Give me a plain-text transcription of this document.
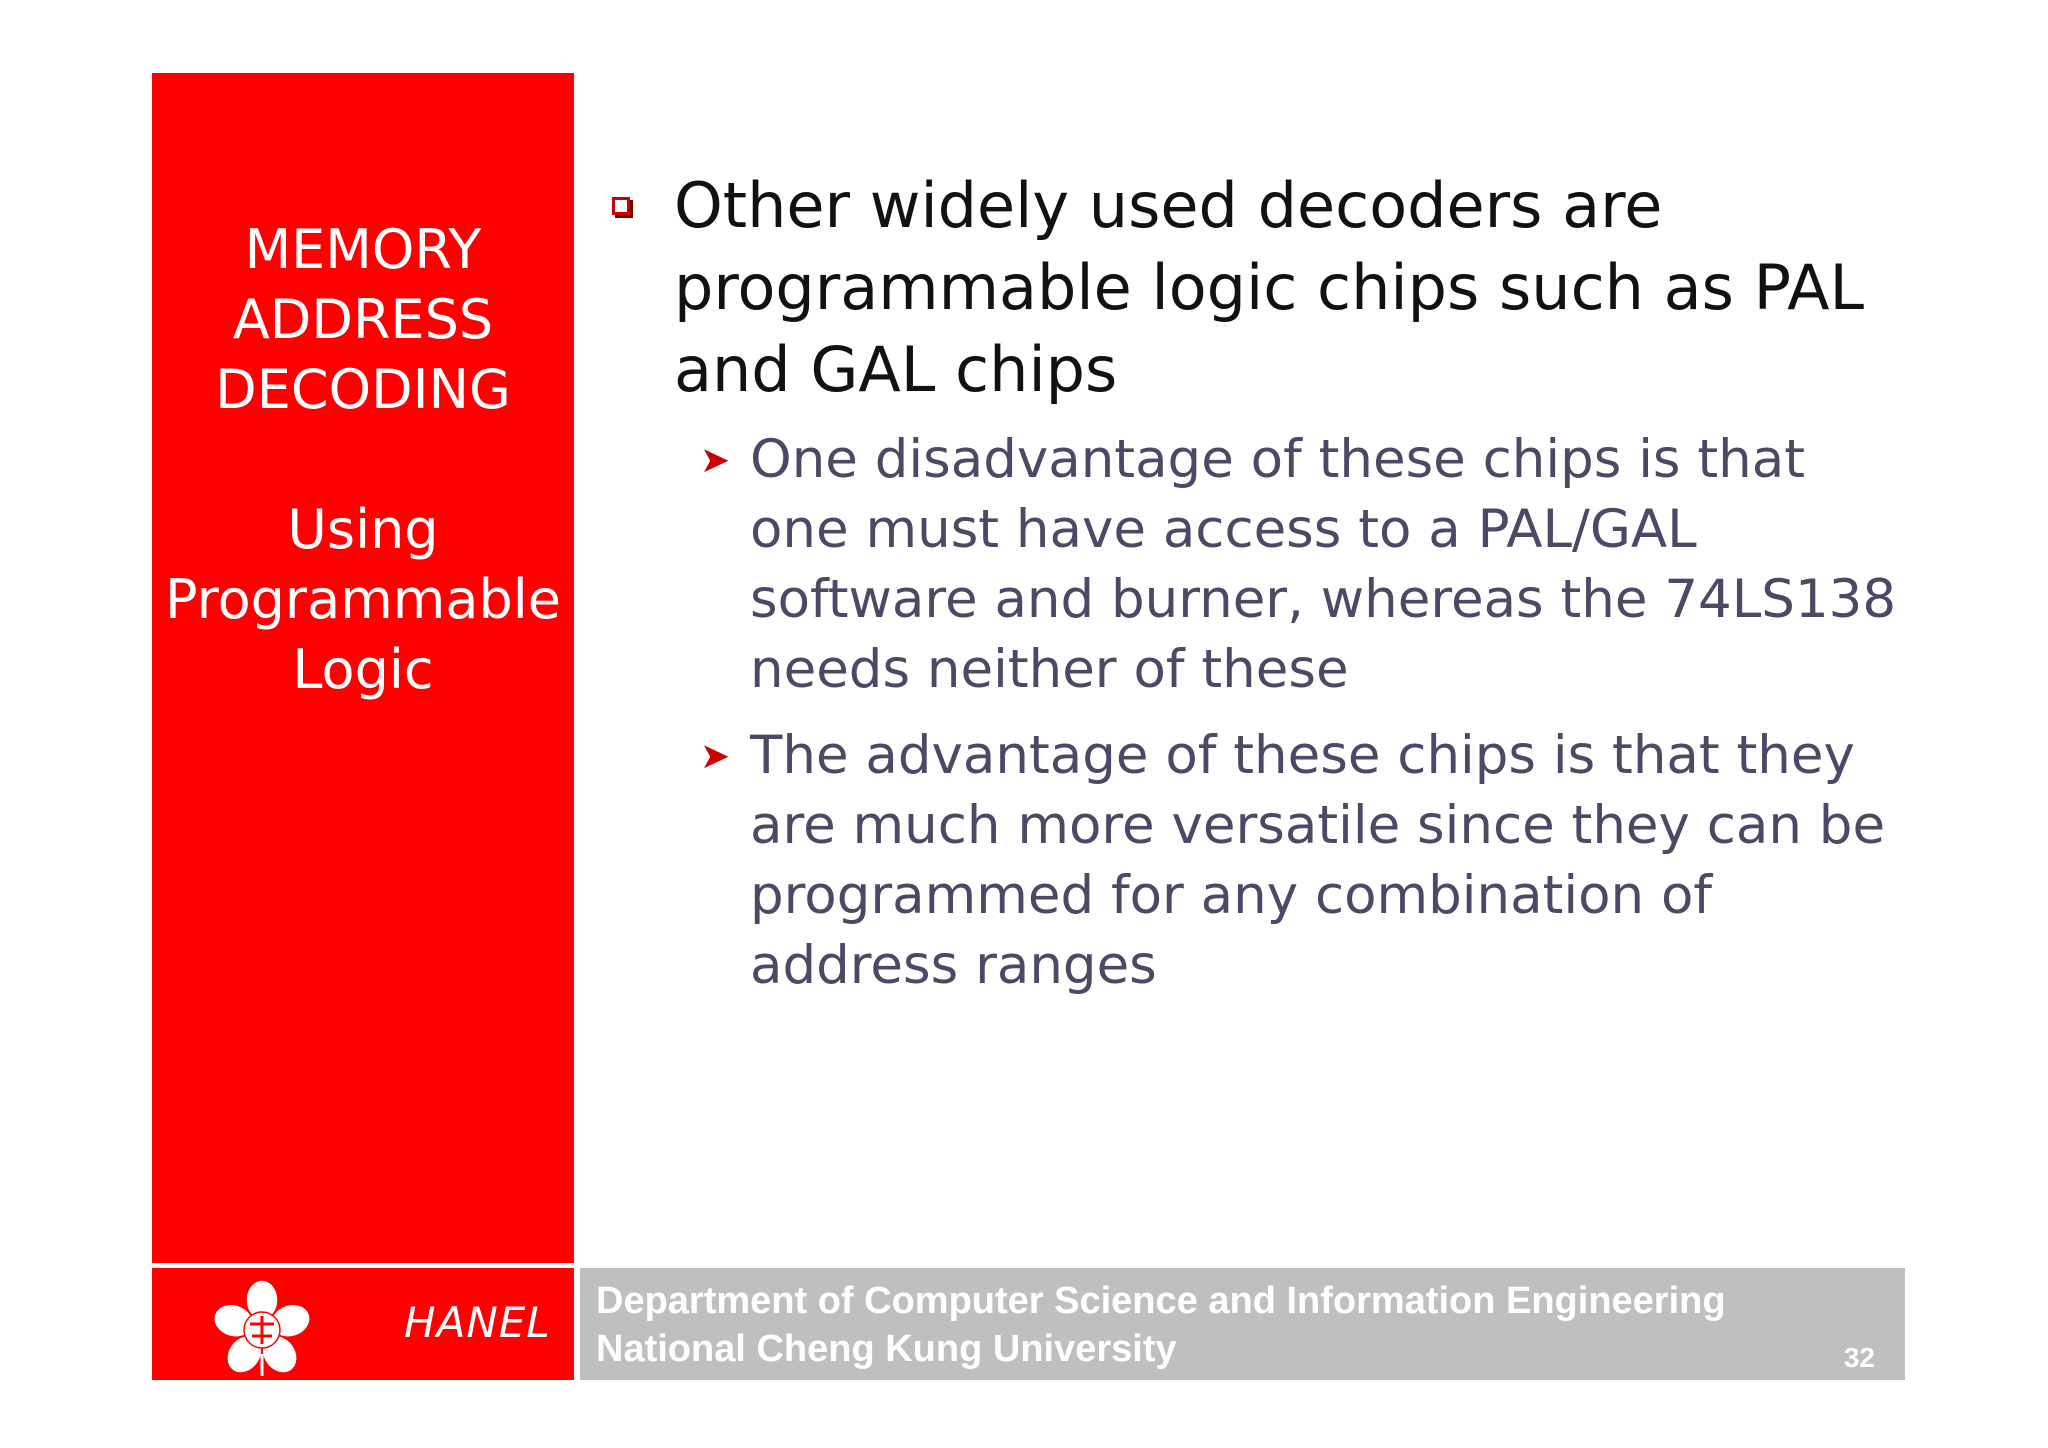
MEMORY
ADDRESS
DECODING
Using
Programmable
Logic
Other widely used decoders are programmable logic chips such as PAL and GAL chips
➤ One disadvantage of these chips is that one must have access to a PAL/GAL software and burner, whereas the 74LS138 needs neither of these
➤ The advantage of these chips is that they are much more versatile since they can be programmed for any combination of address ranges
HANEL Department of Computer Science and Information Engineering
National Cheng Kung University	32
